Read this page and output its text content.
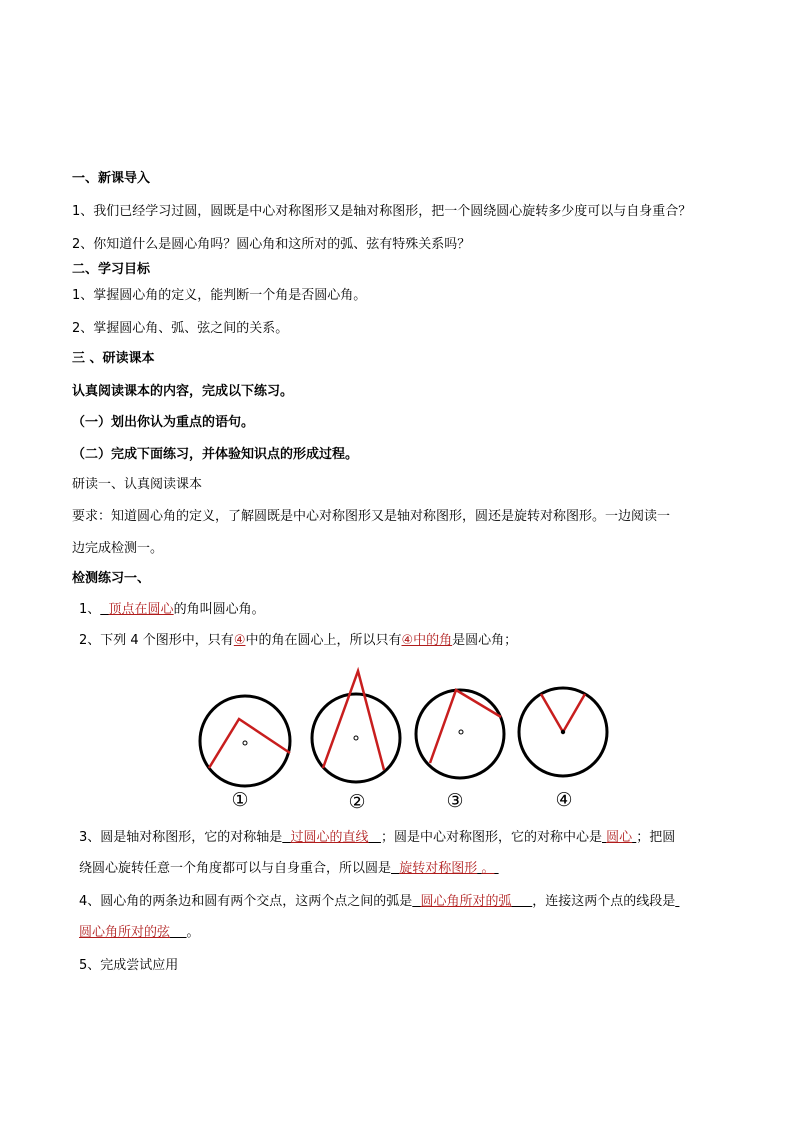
一、新课导入
1、我们已经学习过圆，圆既是中心对称图形又是轴对称图形，把一个圆绕圆心旋转多少度可以与自身重合？
2、你知道什么是圆心角吗？圆心角和这所对的弧、弦有特殊关系吗？
二、学习目标
1、掌握圆心角的定义，能判断一个角是否圆心角。
2、掌握圆心角、弧、弦之间的关系。
三 、研读课本
认真阅读课本的内容，完成以下练习。
（一）划出你认为重点的语句。
（二）完成下面练习，并体验知识点的形成过程。
研读一、认真阅读课本
要求：知道圆心角的定义，了解圆既是中心对称图形又是轴对称图形，圆还是旋转对称图形。一边阅读一
边完成检测一。
检测练习一、
1、 顶点在圆心的角叫圆心角。
2、下列 4 个图形中，只有④中的角在圆心上，所以只有④中的角是圆心角；
①	②	③	④
3、圆是轴对称图形，它的对称轴是 过圆心的直线 ；圆是中心对称图形，它的对称中心是 圆心 ；把圆
绕圆心旋转任意一个角度都可以与自身重合，所以圆是 旋转对称图形 。
4、圆心角的两条边和圆有两个交点，这两个点之间的弧是 圆心角所对的弧 ，连接这两个点的线段是
圆心角所对的弦 。
5、完成尝试应用
